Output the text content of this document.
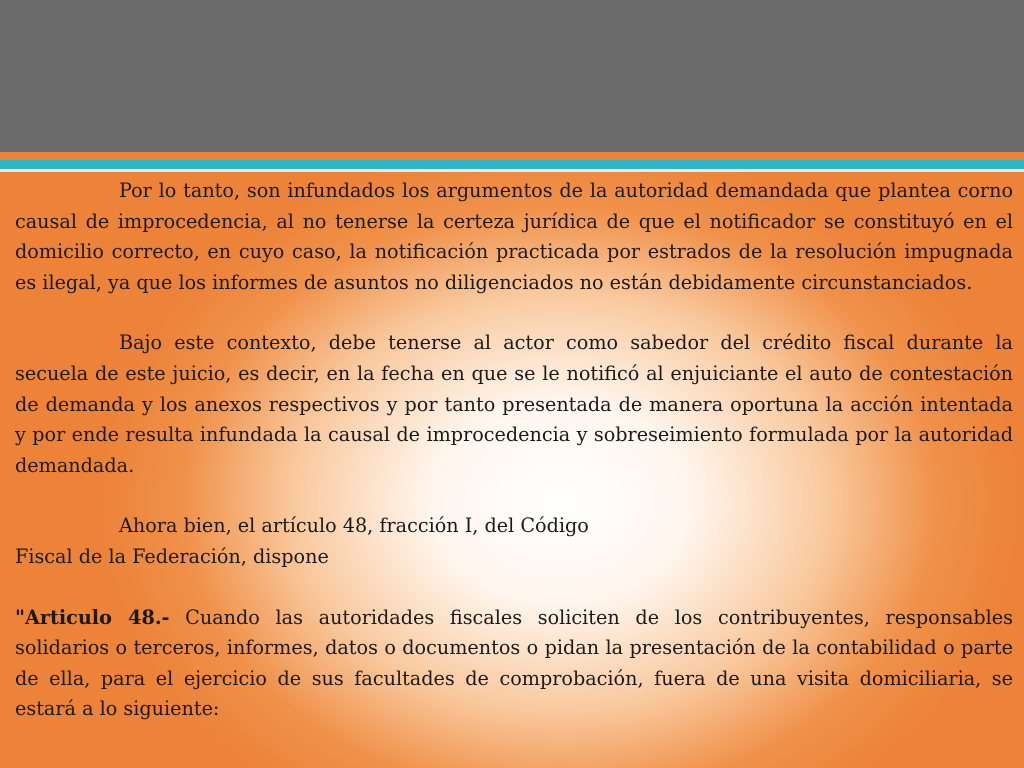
Por lo tanto, son infundados los argumentos de la autoridad demandada que plantea corno causal de improcedencia, al no tenerse la certeza jurídica de que el notificador se constituyó en el domicilio correcto, en cuyo caso, la notificación practicada por estrados de la resolución impugnada es ilegal, ya que los informes de asuntos no diligenciados no están debidamente circunstanciados.

Bajo este contexto, debe tenerse al actor como sabedor del crédito fiscal durante la secuela de este juicio, es decir, en la fecha en que se le notificó al enjuiciante el auto de contestación de demanda y los anexos respectivos y por tanto presentada de manera oportuna la acción intentada y por ende resulta infundada la causal de improcedencia y sobreseimiento formulada por la autoridad demandada.

Ahora bien, el artículo 48, fracción I, del Código
Fiscal de la Federación, dispone

"Articulo 48.- Cuando las autoridades fiscales soliciten de los contribuyentes, responsables solidarios o terceros, informes, datos o documentos o pidan la presentación de la contabilidad o parte de ella, para el ejercicio de sus facultades de comprobación, fuera de una visita domiciliaria, se estará a lo siguiente:
